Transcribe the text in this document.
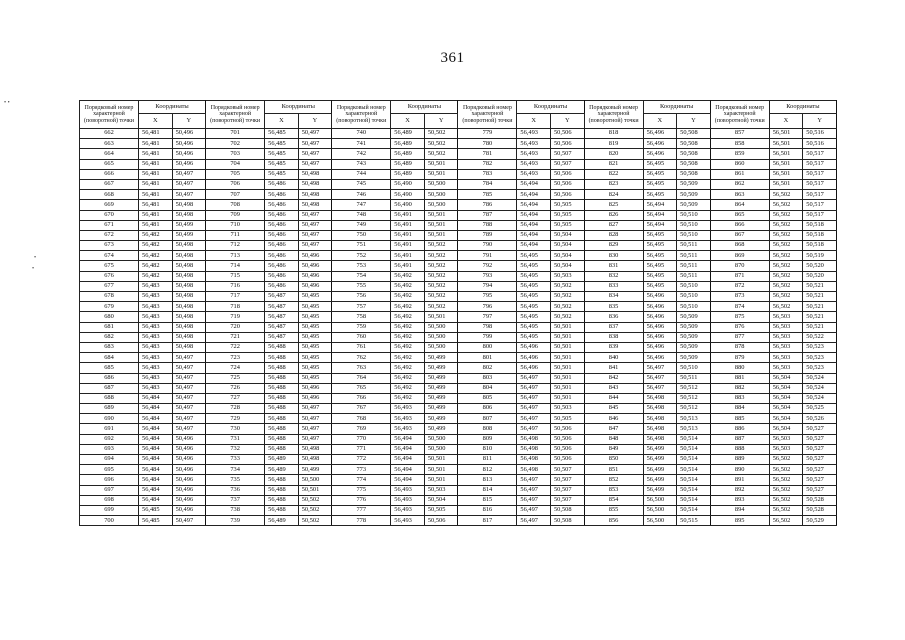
361
• •
•
•
Порядковый номер характерной (поворотной) точки	Координаты		Порядковый номер характерной (поворотной) точки	Координаты		Порядковый номер характерной (поворотной) точки	Координаты		Порядковый номер характерной (поворотной) точки	Координаты		Порядковый номер характерной (поворотной) точки	Координаты		Порядковый номер характерной (поворотной) точки	Координаты	
	X	Y		X	Y		X	Y		X	Y		X	Y		X	Y
662	56,481	50,496	701	56,485	50,497	740	56,489	50,502	779	56,493	50,506	818	56,496	50,508	857	56,501	50,516
663	56,481	50,496	702	56,485	50,497	741	56,489	50,502	780	56,493	50,506	819	56,496	50,508	858	56,501	50,516
664	56,481	50,496	703	56,485	50,497	742	56,489	50,502	781	56,493	50,507	820	56,496	50,508	859	56,501	50,517
665	56,481	50,496	704	56,485	50,497	743	56,489	50,501	782	56,493	50,507	821	56,495	50,508	860	56,501	50,517
666	56,481	50,497	705	56,485	50,498	744	56,489	50,501	783	56,493	50,506	822	56,495	50,508	861	56,501	50,517
667	56,481	50,497	706	56,486	50,498	745	56,490	50,500	784	56,494	50,506	823	56,495	50,509	862	56,501	50,517
668	56,481	50,497	707	56,486	50,498	746	56,490	50,500	785	56,494	50,506	824	56,495	50,509	863	56,502	50,517
669	56,481	50,498	708	56,486	50,498	747	56,490	50,500	786	56,494	50,505	825	56,494	50,509	864	56,502	50,517
670	56,481	50,498	709	56,486	50,497	748	56,491	50,501	787	56,494	50,505	826	56,494	50,510	865	56,502	50,517
671	56,481	50,499	710	56,486	50,497	749	56,491	50,501	788	56,494	50,505	827	56,494	50,510	866	56,502	50,518
672	56,482	50,499	711	56,486	50,497	750	56,491	50,501	789	56,494	50,504	828	56,495	50,510	867	56,502	50,518
673	56,482	50,498	712	56,486	50,497	751	56,491	50,502	790	56,494	50,504	829	56,495	50,511	868	56,502	50,518
674	56,482	50,498	713	56,486	50,496	752	56,491	50,502	791	56,495	50,504	830	56,495	50,511	869	56,502	50,519
675	56,482	50,498	714	56,486	50,496	753	56,491	50,502	792	56,495	50,504	831	56,495	50,511	870	56,502	50,520
676	56,482	50,498	715	56,486	50,496	754	56,492	50,502	793	56,495	50,503	832	56,495	50,511	871	56,502	50,520
677	56,483	50,498	716	56,486	50,496	755	56,492	50,502	794	56,495	50,502	833	56,495	50,510	872	56,502	50,521
678	56,483	50,498	717	56,487	50,495	756	56,492	50,502	795	56,495	50,502	834	56,496	50,510	873	56,502	50,521
679	56,483	50,498	718	56,487	50,495	757	56,492	50,502	796	56,495	50,502	835	56,496	50,510	874	56,502	50,521
680	56,483	50,498	719	56,487	50,495	758	56,492	50,501	797	56,495	50,502	836	56,496	50,509	875	56,503	50,521
681	56,483	50,498	720	56,487	50,495	759	56,492	50,500	798	56,495	50,501	837	56,496	50,509	876	56,503	50,521
682	56,483	50,498	721	56,487	50,495	760	56,492	50,500	799	56,495	50,501	838	56,496	50,509	877	56,503	50,522
683	56,483	50,498	722	56,488	50,495	761	56,492	50,500	800	56,496	50,501	839	56,496	50,509	878	56,503	50,523
684	56,483	50,497	723	56,488	50,495	762	56,492	50,499	801	56,496	50,501	840	56,496	50,509	879	56,503	50,523
685	56,483	50,497	724	56,488	50,495	763	56,492	50,499	802	56,496	50,501	841	56,497	50,510	880	56,503	50,523
686	56,483	50,497	725	56,488	50,495	764	56,492	50,499	803	56,497	50,501	842	56,497	50,511	881	56,504	50,524
687	56,483	50,497	726	56,488	50,496	765	56,492	50,499	804	56,497	50,501	843	56,497	50,512	882	56,504	50,524
688	56,484	50,497	727	56,488	50,496	766	56,492	50,499	805	56,497	50,501	844	56,498	50,512	883	56,504	50,524
689	56,484	50,497	728	56,488	50,497	767	56,493	50,499	806	56,497	50,503	845	56,498	50,512	884	56,504	50,525
690	56,484	50,497	729	56,488	50,497	768	56,493	50,499	807	56,497	50,505	846	56,498	50,513	885	56,504	50,526
691	56,484	50,497	730	56,488	50,497	769	56,493	50,499	808	56,497	50,506	847	56,498	50,513	886	56,504	50,527
692	56,484	50,496	731	56,488	50,497	770	56,494	50,500	809	56,498	50,506	848	56,498	50,514	887	56,503	50,527
693	56,484	50,496	732	56,488	50,498	771	56,494	50,500	810	56,498	50,506	849	56,499	50,514	888	56,503	50,527
694	56,484	50,496	733	56,489	50,498	772	56,494	50,501	811	56,498	50,506	850	56,499	50,514	889	56,502	50,527
695	56,484	50,496	734	56,489	50,499	773	56,494	50,501	812	56,498	50,507	851	56,499	50,514	890	56,502	50,527
696	56,484	50,496	735	56,488	50,500	774	56,494	50,501	813	56,497	50,507	852	56,499	50,514	891	56,502	50,527
697	56,484	50,496	736	56,488	50,501	775	56,493	50,503	814	56,497	50,507	853	56,499	50,514	892	56,502	50,527
698	56,484	50,496	737	56,488	50,502	776	56,493	50,504	815	56,497	50,507	854	56,500	50,514	893	56,502	50,528
699	56,485	50,496	738	56,488	50,502	777	56,493	50,505	816	56,497	50,508	855	56,500	50,514	894	56,502	50,528
700	56,485	50,497	739	56,489	50,502	778	56,493	50,506	817	56,497	50,508	856	56,500	50,515	895	56,502	50,529
